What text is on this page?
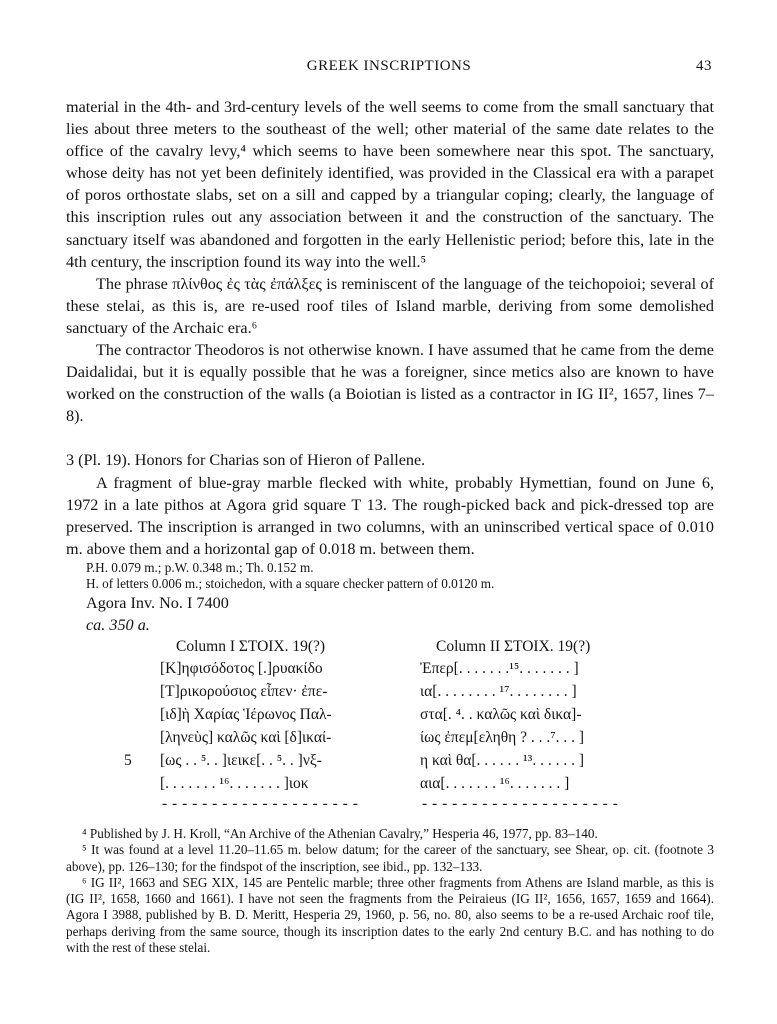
GREEK INSCRIPTIONS	43

material in the 4th- and 3rd-century levels of the well seems to come from the small sanctuary that lies about three meters to the southeast of the well; other material of the same date relates to the office of the cavalry levy,⁴ which seems to have been somewhere near this spot. The sanctuary, whose deity has not yet been definitely identified, was provided in the Classical era with a parapet of poros orthostate slabs, set on a sill and capped by a triangular coping; clearly, the language of this inscription rules out any association between it and the construction of the sanctuary. The sanctuary itself was abandoned and forgotten in the early Hellenistic period; before this, late in the 4th century, the inscription found its way into the well.⁵

The phrase πλίνθος ἐς τὰς ἐπάλξες is reminiscent of the language of the teichopoioi; several of these stelai, as this is, are re-used roof tiles of Island marble, deriving from some demolished sanctuary of the Archaic era.⁶

The contractor Theodoros is not otherwise known. I have assumed that he came from the deme Daidalidai, but it is equally possible that he was a foreigner, since metics also are known to have worked on the construction of the walls (a Boiotian is listed as a contractor in IG II², 1657, lines 7–8).

3 (Pl. 19). Honors for Charias son of Hieron of Pallene.

A fragment of blue-gray marble flecked with white, probably Hymettian, found on June 6, 1972 in a late pithos at Agora grid square T 13. The rough-picked back and pick-dressed top are preserved. The inscription is arranged in two columns, with an uninscribed vertical space of 0.010 m. above them and a horizontal gap of 0.018 m. between them.

P.H. 0.079 m.; p.W. 0.348 m.; Th. 0.152 m.

H. of letters 0.006 m.; stoichedon, with a square checker pattern of 0.0120 m.

Agora Inv. No. I 7400

ca. 350 a.

Column I ΣΤΟΙΧ. 19(?)	Column II ΣΤΟΙΧ. 19(?)
[Κ]ηφισόδοτος [.]ρυακίδο
[Τ]ρικορούσιος εἶπεν· ἐπε-
[ιδ]ὴ Χαρίας Ἱέρωνος Παλ-
[ληνεὺς] καλῶς καὶ [δ]ικαί-
5 [ως . . ⁵. . ]ιεικε[. . ⁵. . ]νξ-
[. . . . . . . ¹⁶. . . . . . . ]ιοκ
- - - - - - - - - - - - - - - - - - - -
Ἐπερ[. . . . . . .¹⁵. . . . . . . ]
ια[. . . . . . . . ¹⁷. . . . . . . . ]
στα[. ⁴. . καλῶς καὶ δικα]-
ίως ἐπεμ[εληθη ? . . .⁷. . . ]
η καὶ θα[. . . . . . ¹³. . . . . . ]
αια[. . . . . . . ¹⁶. . . . . . . ]
- - - - - - - - - - - - - - - - - - - -

⁴ Published by J. H. Kroll, “An Archive of the Athenian Cavalry,” Hesperia 46, 1977, pp. 83–140.

⁵ It was found at a level 11.20–11.65 m. below datum; for the career of the sanctuary, see Shear, op. cit. (footnote 3 above), pp. 126–130; for the findspot of the inscription, see ibid., pp. 132–133.

⁶ IG II², 1663 and SEG XIX, 145 are Pentelic marble; three other fragments from Athens are Island marble, as this is (IG II², 1658, 1660 and 1661). I have not seen the fragments from the Peiraieus (IG II², 1656, 1657, 1659 and 1664). Agora I 3988, published by B. D. Meritt, Hesperia 29, 1960, p. 56, no. 80, also seems to be a re-used Archaic roof tile, perhaps deriving from the same source, though its inscription dates to the early 2nd century B.C. and has nothing to do with the rest of these stelai.
